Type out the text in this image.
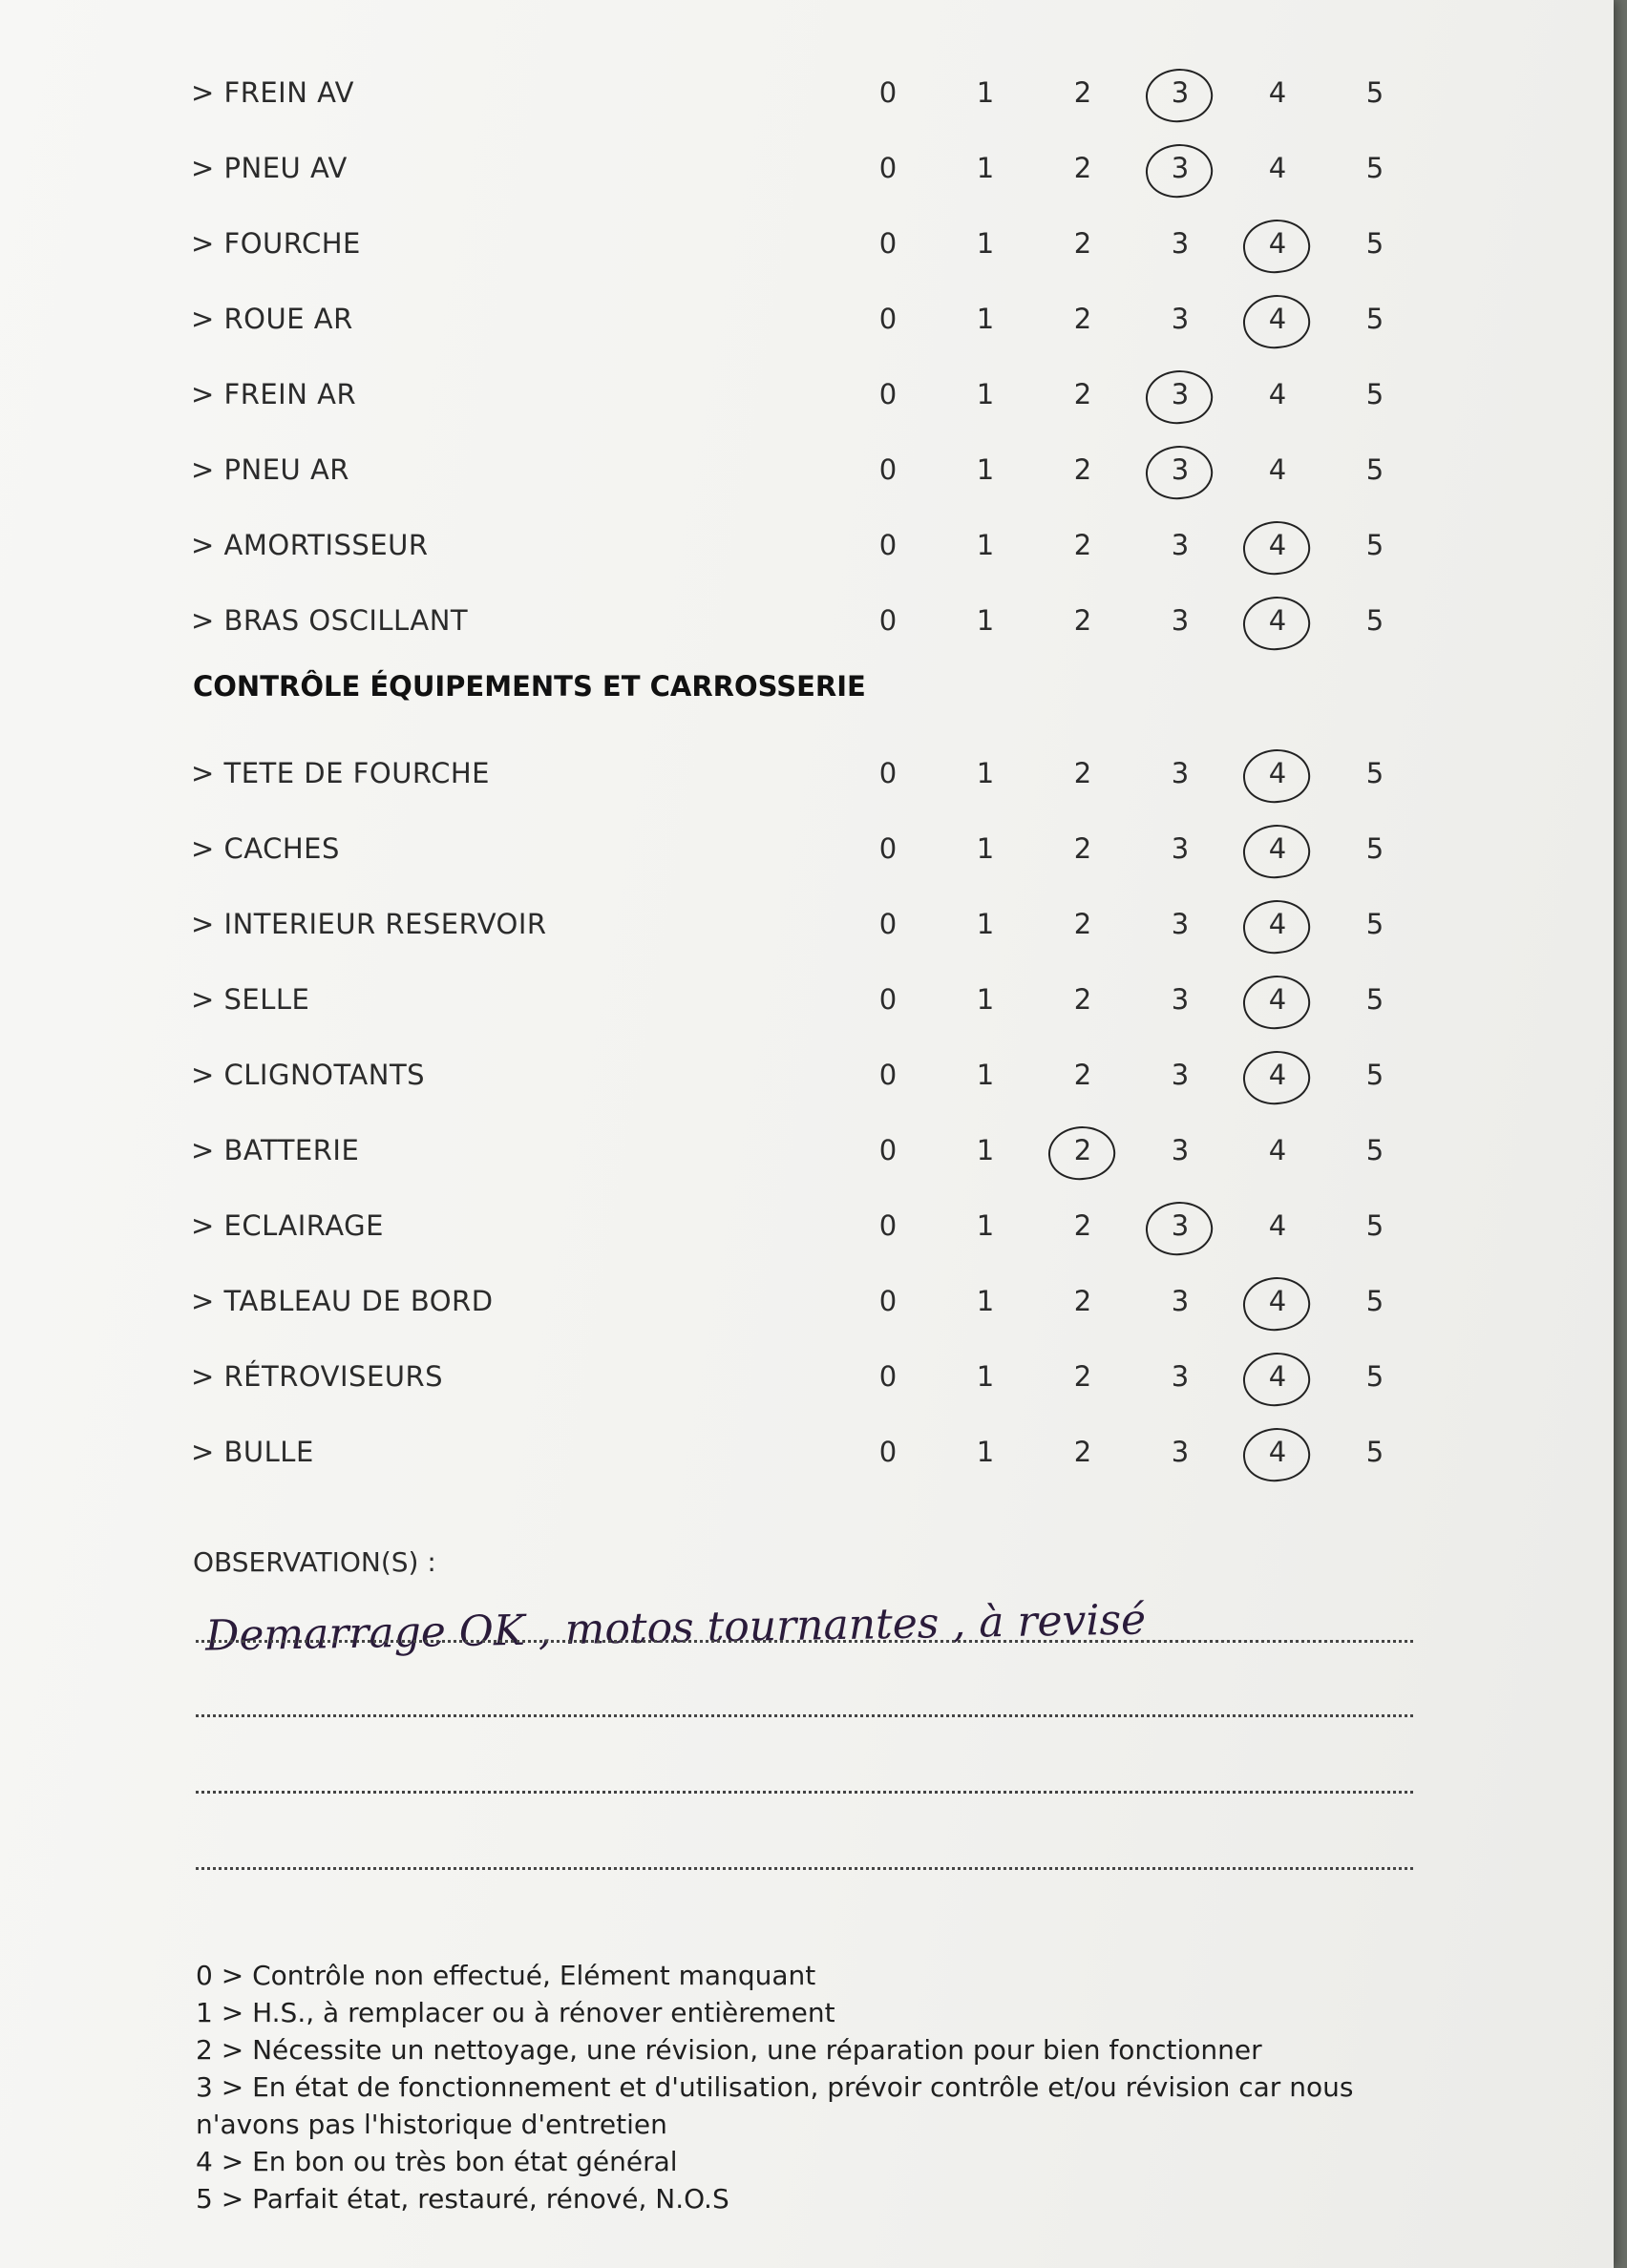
> FREIN AV	0	1	2	3	4	5
> PNEU AV	0	1	2	3	4	5
> FOURCHE	0	1	2	3	4	5
> ROUE AR	0	1	2	3	4	5
> FREIN AR	0	1	2	3	4	5
> PNEU AR	0	1	2	3	4	5
> AMORTISSEUR	0	1	2	3	4	5
> BRAS OSCILLANT	0	1	2	3	4	5
> TETE DE FOURCHE	0	1	2	3	4	5
> CACHES	0	1	2	3	4	5
> INTERIEUR RESERVOIR	0	1	2	3	4	5
> SELLE	0	1	2	3	4	5
> CLIGNOTANTS	0	1	2	3	4	5
> BATTERIE	0	1	2	3	4	5
> ECLAIRAGE	0	1	2	3	4	5
> TABLEAU DE BORD	0	1	2	3	4	5
> RÉTROVISEURS	0	1	2	3	4	5
> BULLE	0	1	2	3	4	5
CONTRÔLE ÉQUIPEMENTS ET CARROSSERIE
OBSERVATION(S) :
Demarrage OK , motos tournantes , à revisé
0 > Contrôle non effectué, Elément manquant
1 > H.S., à remplacer ou à rénover entièrement
2 > Nécessite un nettoyage, une révision, une réparation pour bien fonctionner
3 > En état de fonctionnement et d'utilisation, prévoir contrôle et/ou révision car nous
n'avons pas l'historique d'entretien
4 > En bon ou très bon état général
5 > Parfait état, restauré, rénové, N.O.S
